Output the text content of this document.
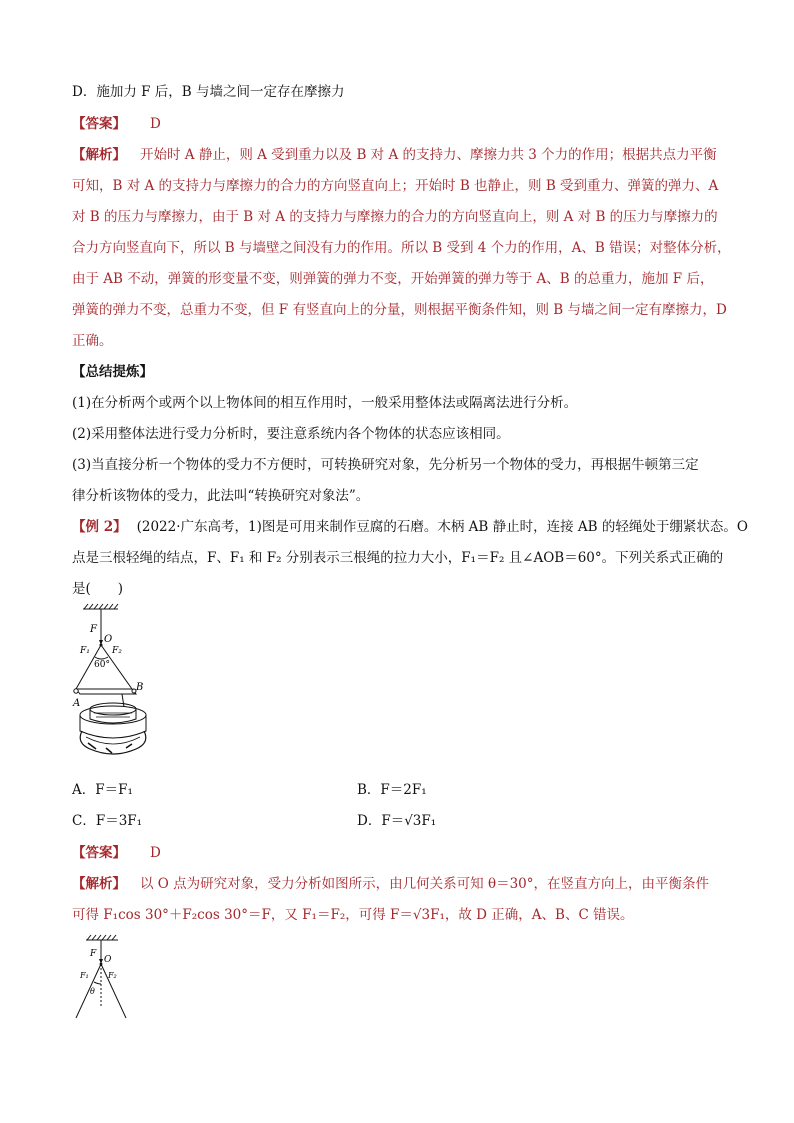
D．施加力 F 后，B 与墙之间一定存在摩擦力
【答案】 D
【解析】 开始时 A 静止，则 A 受到重力以及 B 对 A 的支持力、摩擦力共 3 个力的作用；根据共点力平衡
可知，B 对 A 的支持力与摩擦力的合力的方向竖直向上；开始时 B 也静止，则 B 受到重力、弹簧的弹力、A
对 B 的压力与摩擦力，由于 B 对 A 的支持力与摩擦力的合力的方向竖直向上，则 A 对 B 的压力与摩擦力的
合力方向竖直向下，所以 B 与墙壁之间没有力的作用。所以 B 受到 4 个力的作用，A、B 错误；对整体分析，
由于 AB 不动，弹簧的形变量不变，则弹簧的弹力不变，开始弹簧的弹力等于 A、B 的总重力，施加 F 后，
弹簧的弹力不变，总重力不变，但 F 有竖直向上的分量，则根据平衡条件知，则 B 与墙之间一定有摩擦力，D
正确。
【总结提炼】
(1)在分析两个或两个以上物体间的相互作用时，一般采用整体法或隔离法进行分析。
(2)采用整体法进行受力分析时，要注意系统内各个物体的状态应该相同。
(3)当直接分析一个物体的受力不方便时，可转换研究对象，先分析另一个物体的受力，再根据牛顿第三定
律分析该物体的受力，此法叫“转换研究对象法”。
【例 2】 (2022·广东高考，1)图是可用来制作豆腐的石磨。木柄 AB 静止时，连接 AB 的轻绳处于绷紧状态。O
点是三根轻绳的结点，F、F₁ 和 F₂ 分别表示三根绳的拉力大小，F₁＝F₂ 且∠AOB＝60°。下列关系式正确的
是(　　)
F
O
F₁ F₂
60°
A
B
A．F＝F₁	B．F＝2F₁
C．F＝3F₁	D．F＝√3F₁
【答案】 D
【解析】 以 O 点为研究对象，受力分析如图所示，由几何关系可知 θ＝30°，在竖直方向上，由平衡条件
可得 F₁cos 30°＋F₂cos 30°＝F，又 F₁＝F₂，可得 F＝√3F₁，故 D 正确，A、B、C 错误。
F
O
F₁ F₂
θ
